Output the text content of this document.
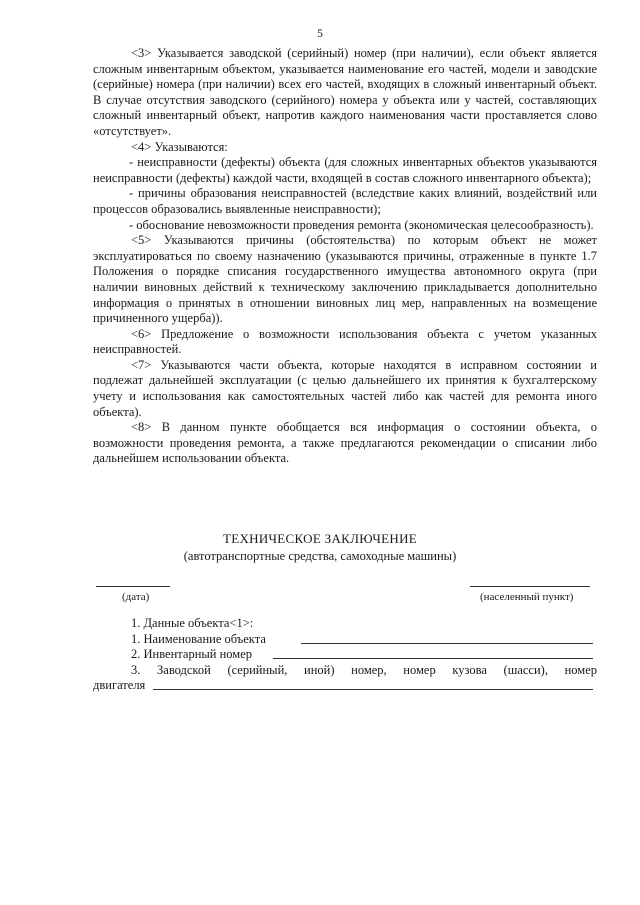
5

<3> Указывается заводской (серийный) номер (при наличии), если объект является сложным инвентарным объектом, указывается наименование его частей, модели и заводские (серийные) номера (при наличии) всех его частей, входящих в сложный инвентарный объект. В случае отсутствия заводского (серийного) номера у объекта или у частей, составляющих сложный инвентарный объект, напротив каждого наименования части проставляется слово «отсутствует».

<4> Указываются:

- неисправности (дефекты) объекта (для сложных инвентарных объектов указываются неисправности (дефекты) каждой части, входящей в состав сложного инвентарного объекта);

- причины образования неисправностей (вследствие каких влияний, воздействий или процессов образовались выявленные неисправности);

- обоснование невозможности проведения ремонта (экономическая целесообразность).

<5> Указываются причины (обстоятельства) по которым объект не может эксплуатироваться по своему назначению (указываются причины, отраженные в пункте 1.7 Положения о порядке списания государственного имущества автономного округа (при наличии виновных действий к техническому заключению прикладывается дополнительно информация о принятых в отношении виновных лиц мер, направленных на возмещение причиненного ущерба)).

<6> Предложение о возможности использования объекта с учетом указанных неисправностей.

<7> Указываются части объекта, которые находятся в исправном состоянии и подлежат дальнейшей эксплуатации (с целью дальнейшего их принятия к бухгалтерскому учету и использования как самостоятельных частей либо как частей для ремонта иного объекта).

<8> В данном пункте обобщается вся информация о состоянии объекта, о возможности проведения ремонта, а также предлагаются рекомендации о списании либо дальнейшем использовании объекта.

ТЕХНИЧЕСКОЕ ЗАКЛЮЧЕНИЕ
(автотранспортные средства, самоходные машины)
(дата)	(населенный пункт)
1. Данные объекта<1>:
1. Наименование объекта
2. Инвентарный номер
3. Заводской (серийный, иной) номер, номер кузова (шасси), номер
двигателя
